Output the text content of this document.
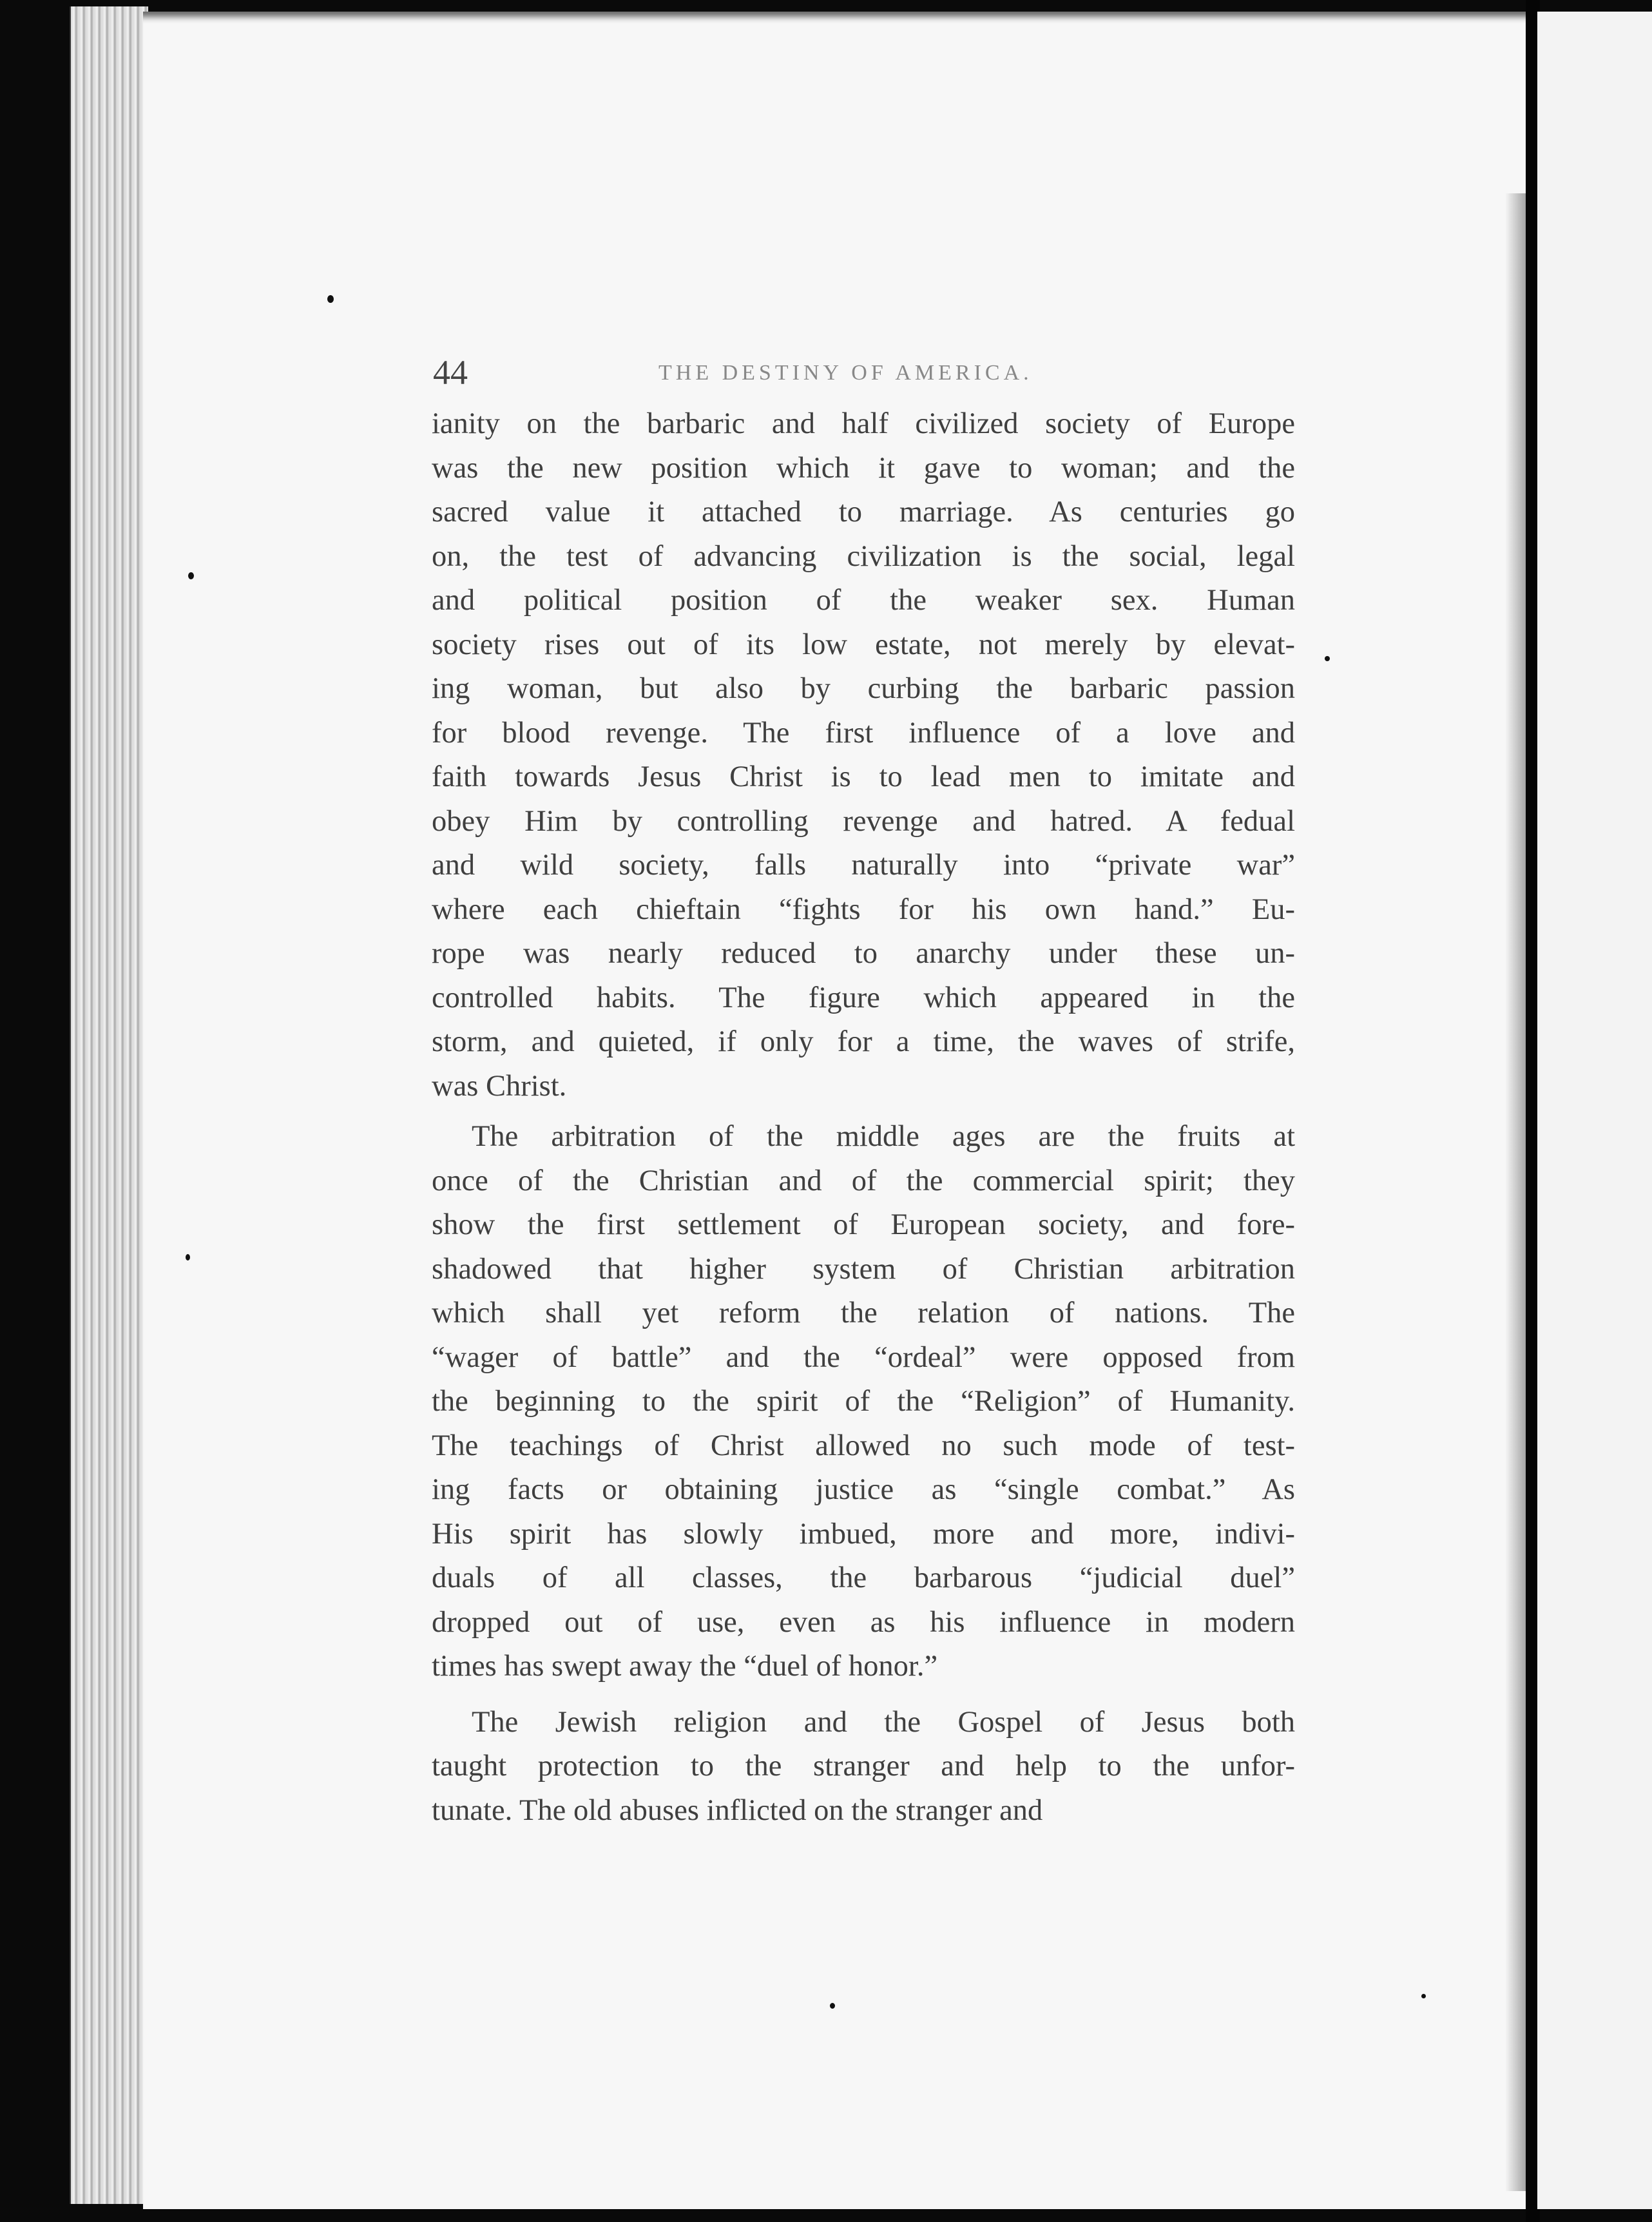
44	THE DESTINY OF AMERICA.
ianity on the barbaric and half civilized society of Europe
was the new position which it gave to woman; and the
sacred value it attached to marriage. As centuries go
on, the test of advancing civilization is the social, legal
and political position of the weaker sex. Human
society rises out of its low estate, not merely by elevat-
ing woman, but also by curbing the barbaric passion
for blood revenge. The first influence of a love and
faith towards Jesus Christ is to lead men to imitate and
obey Him by controlling revenge and hatred. A fedual
and wild society, falls naturally into “private war”
where each chieftain “fights for his own hand.” Eu-
rope was nearly reduced to anarchy under these un-
controlled habits. The figure which appeared in the
storm, and quieted, if only for a time, the waves of strife,
was Christ.
The arbitration of the middle ages are the fruits at
once of the Christian and of the commercial spirit; they
show the first settlement of European society, and fore-
shadowed that higher system of Christian arbitration
which shall yet reform the relation of nations. The
“wager of battle” and the “ordeal” were opposed from
the beginning to the spirit of the “Religion” of Humanity.
The teachings of Christ allowed no such mode of test-
ing facts or obtaining justice as “single combat.” As
His spirit has slowly imbued, more and more, indivi-
duals of all classes, the barbarous “judicial duel”
dropped out of use, even as his influence in modern
times has swept away the “duel of honor.”
The Jewish religion and the Gospel of Jesus both
taught protection to the stranger and help to the unfor-
tunate. The old abuses inflicted on the stranger and
